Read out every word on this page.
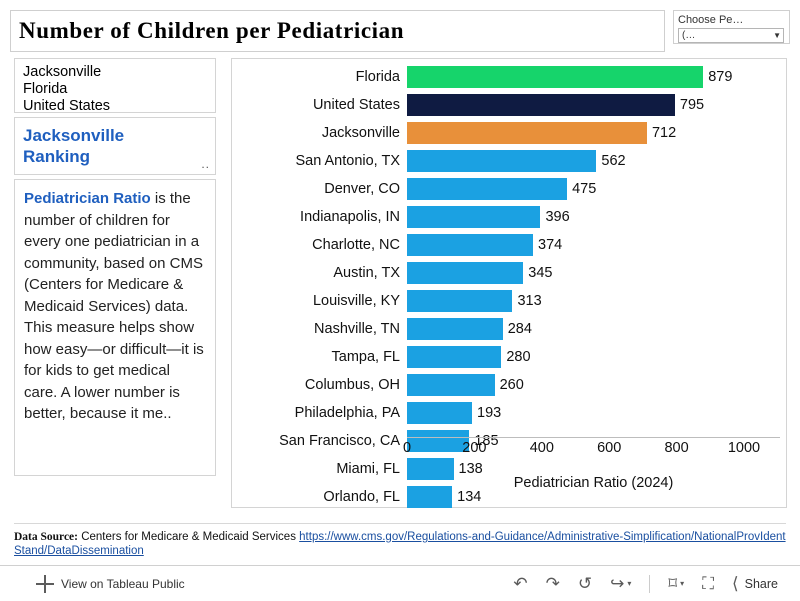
Number of Children per Pediatrician	Choose Pe…
(…	▼
Jacksonville
Florida
United States
Jacksonville
Ranking	..
Pediatrician Ratio is the number of children for every one pediatrician in a community, based on CMS (Centers for Medicare & Medicaid Services) data. This measure helps show how easy—or difficult—it is for kids to get medical care. A lower number is better, because it me..
Florida	879
United States	795
Jacksonville	712
San Antonio, TX	562
Denver, CO	475
Indianapolis, IN	396
Charlotte, NC	374
Austin, TX	345
Louisville, KY	313
Nashville, TN	284
Tampa, FL	280
Columbus, OH	260
Philadelphia, PA	193
San Francisco, CA	185
Miami, FL	138
Orlando, FL	134
0	200	400	600	800	1000
Pediatrician Ratio (2024)
Data Source: Centers for Medicare & Medicaid Services https://www.cms.gov/Regulations-and-Guidance/Administrative-Simplification/NationalProvIdentStand/DataDissemination
View on Tableau Public	↶ ↷ ↺ ↪ ▾ ⌑ ▾ ⛶ ⟨ Share
